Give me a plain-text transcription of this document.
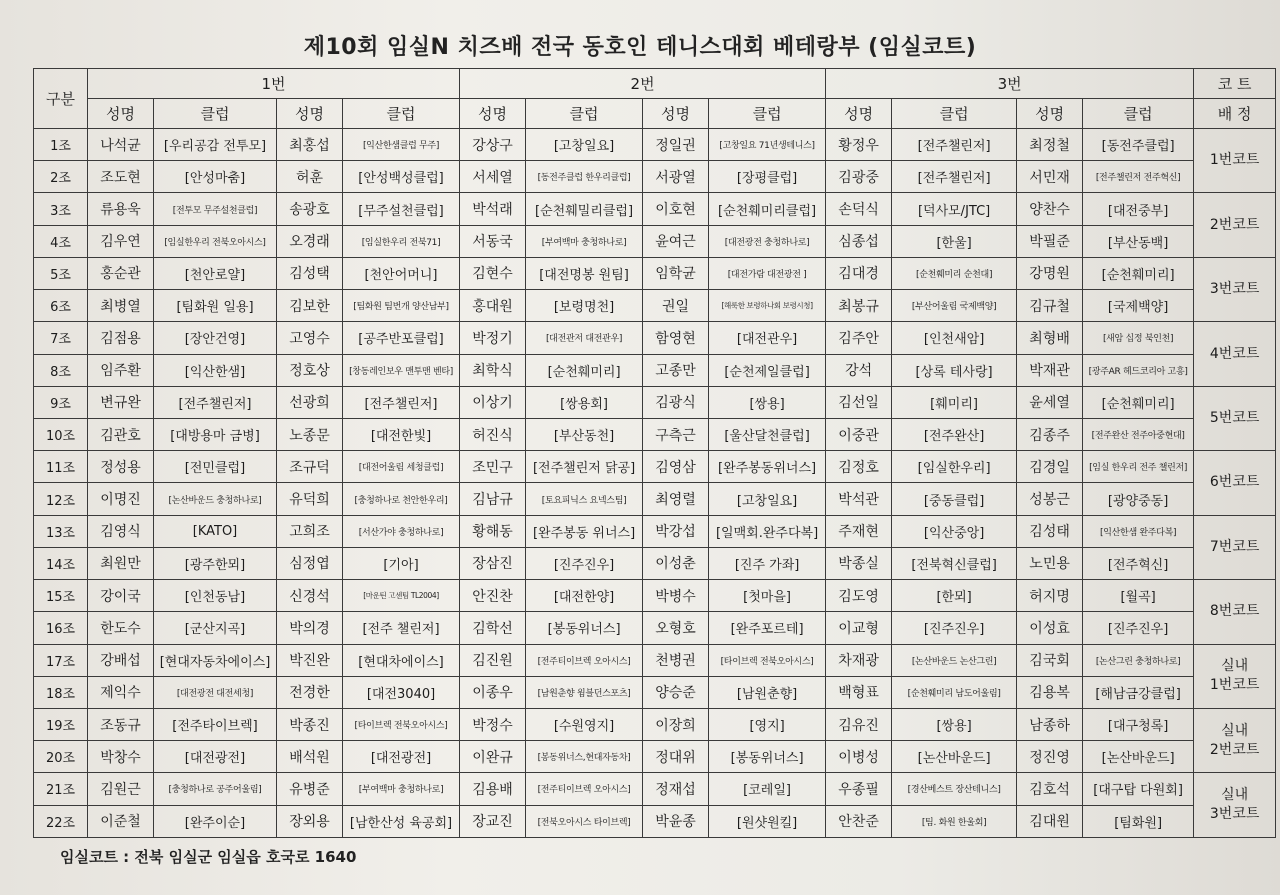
제10회 임실N 치즈배 전국 동호인 테니스대회 베테랑부 (임실코트)
구분	1번				2번				3번				코 트
	성명	클럽	성명	클럽	성명	클럽	성명	클럽	성명	클럽	성명	클럽	배 정
1조	나석균	[우리공감 전투모]	최홍섭	[익산한샘클럽 무주]	강상구	[고창일요]	정일권	[고창일요 71년생테니스]	황정우	[전주챌린저]	최정철	[동전주클럽]	1번코트

2조	조도현	[안성마춤]	허훈	[안성백성클럽]	서세열	[동전주클럽 한우리클럽]	서광열	[장평클럽]	김광중	[전주챌린저]	서민재	[전주챌린저 전주혁신]	
3조	류용욱	[전투모 무주설천클럽]	송광호	[무주설천클럽]	박석래	[순천훼밀리클럽]	이호현	[순천훼미리클럽]	손덕식	[덕사모/JTC]	양찬수	[대전중부]	2번코트

4조	김우연	[임실한우리 전북오아시스]	오경래	[임실한우리 전북71]	서동국	[부여백마 충청하나로]	윤여근	[대전광전 충청하나로]	심종섭	[한울]	박필준	[부산동백]	
5조	홍순관	[천안로얄]	김성택	[천안어머니]	김현수	[대전명봉 원팀]	임학균	[대전가람 대전광전 ]	김대경	[순천훼미리 순천대]	강명원	[순천훼미리]	3번코트

6조	최병열	[팀화원 일용]	김보한	[팀화원 팀번개 양산남부]	홍대원	[보령명천]	권일	[해룩한 보령하나회 보령시청]	최봉규	[부산어울림 국제백양]	김규철	[국제백양]	
7조	김점용	[장안건영]	고영수	[공주반포클럽]	박정기	[대전관저 대전관우]	함영현	[대전관우]	김주안	[인천새암]	최형배	[새암 십정 북인천]	4번코트

8조	임주환	[익산한샘]	정호상	[창동레인보우 맨투맨 벤타]	최학식	[순천훼미리]	고종만	[순천제일클럽]	강석	[상록 테사랑]	박재관	[광주AR 헤드코리아 고흥]	
9조	변규완	[전주챌린저]	선광희	[전주챌린저]	이상기	[쌍용회]	김광식	[쌍용]	김선일	[훼미리]	윤세열	[순천훼미리]	5번코트

10조	김관호	[대방용마 금병]	노종문	[대전한빛]	허진식	[부산동천]	구측근	[울산달천클럽]	이중관	[전주완산]	김종주	[전주완산 전주아중현대]	
11조	정성용	[전민클럽]	조규덕	[대전어울림 세청클럽]	조민구	[전주챌린저 닭공]	김영삼	[완주봉동위너스]	김정호	[임실한우리]	김경일	[임실 한우리 전주 챌린저]	6번코트

12조	이명진	[논산바운드 충청하나로]	유덕희	[충청하나로 천안한우리]	김남규	[토요피닉스 요넥스팀]	최영렬	[고창일요]	박석관	[중동클럽]	성봉근	[광양중동]	
13조	김영식	[KATO]	고희조	[서산가야 충청하나로]	황해동	[완주봉동 위너스]	박강섭	[일맥회.완주다복]	주재현	[익산중앙]	김성태	[익산한샘 완주다복]	7번코트

14조	최원만	[광주한뫼]	심정엽	[기아]	장삼진	[진주진우]	이성춘	[진주 가좌]	박종실	[전북혁신클럽]	노민용	[전주혁신]	
15조	강이국	[인천동남]	신경석	[마운틴 고센팀 TL2004]	안진찬	[대전한양]	박병수	[첫마을]	김도영	[한뫼]	허지명	[월곡]	8번코트

16조	한도수	[군산지곡]	박의경	[전주 챌린저]	김학선	[봉동위너스]	오형호	[완주포르테]	이교형	[진주진우]	이성효	[진주진우]	
17조	강배섭	[현대자동차에이스]	박진완	[현대차에이스]	김진원	[전주티이브렉 오아시스]	천병권	[타이브렉 전북오아시스]	차재광	[논산바운드 논산그린]	김국회	[논산그린 충청하나로]	실내
1번코트

18조	제익수	[대전광전 대전세청]	전경한	[대전3040]	이종우	[남원춘향 윔블던스포츠]	양승준	[남원춘향]	백형표	[순천훼미리 남도어울림]	김용복	[해남금강클럽]	
19조	조동규	[전주타이브렉]	박종진	[타이브렉 전북오아시스]	박정수	[수원영지]	이장희	[영지]	김유진	[쌍용]	남종하	[대구청록]	실내
2번코트

20조	박창수	[대전광전]	배석원	[대전광전]	이완규	[봉동위너스,현대자동차]	정대위	[봉동위너스]	이병성	[논산바운드]	정진영	[논산바운드]	
21조	김원근	[충청하나로 공주어울림]	유병준	[부여백마 충청하나로]	김용배	[전주티이브렉 오아시스]	정재섭	[코레일]	우종필	[경산베스트 장산테니스]	김호석	[대구탑 다원회]	실내
3번코트

22조	이준철	[완주이순]	장외용	[남한산성 육공회]	장교진	[전북오아시스 타이브렉]	박윤종	[원샷원킬]	안찬준	[팀. 화원 한울회]	김대원	[팀화원]	
임실코트 : 전북 임실군 임실읍 호국로 1640
